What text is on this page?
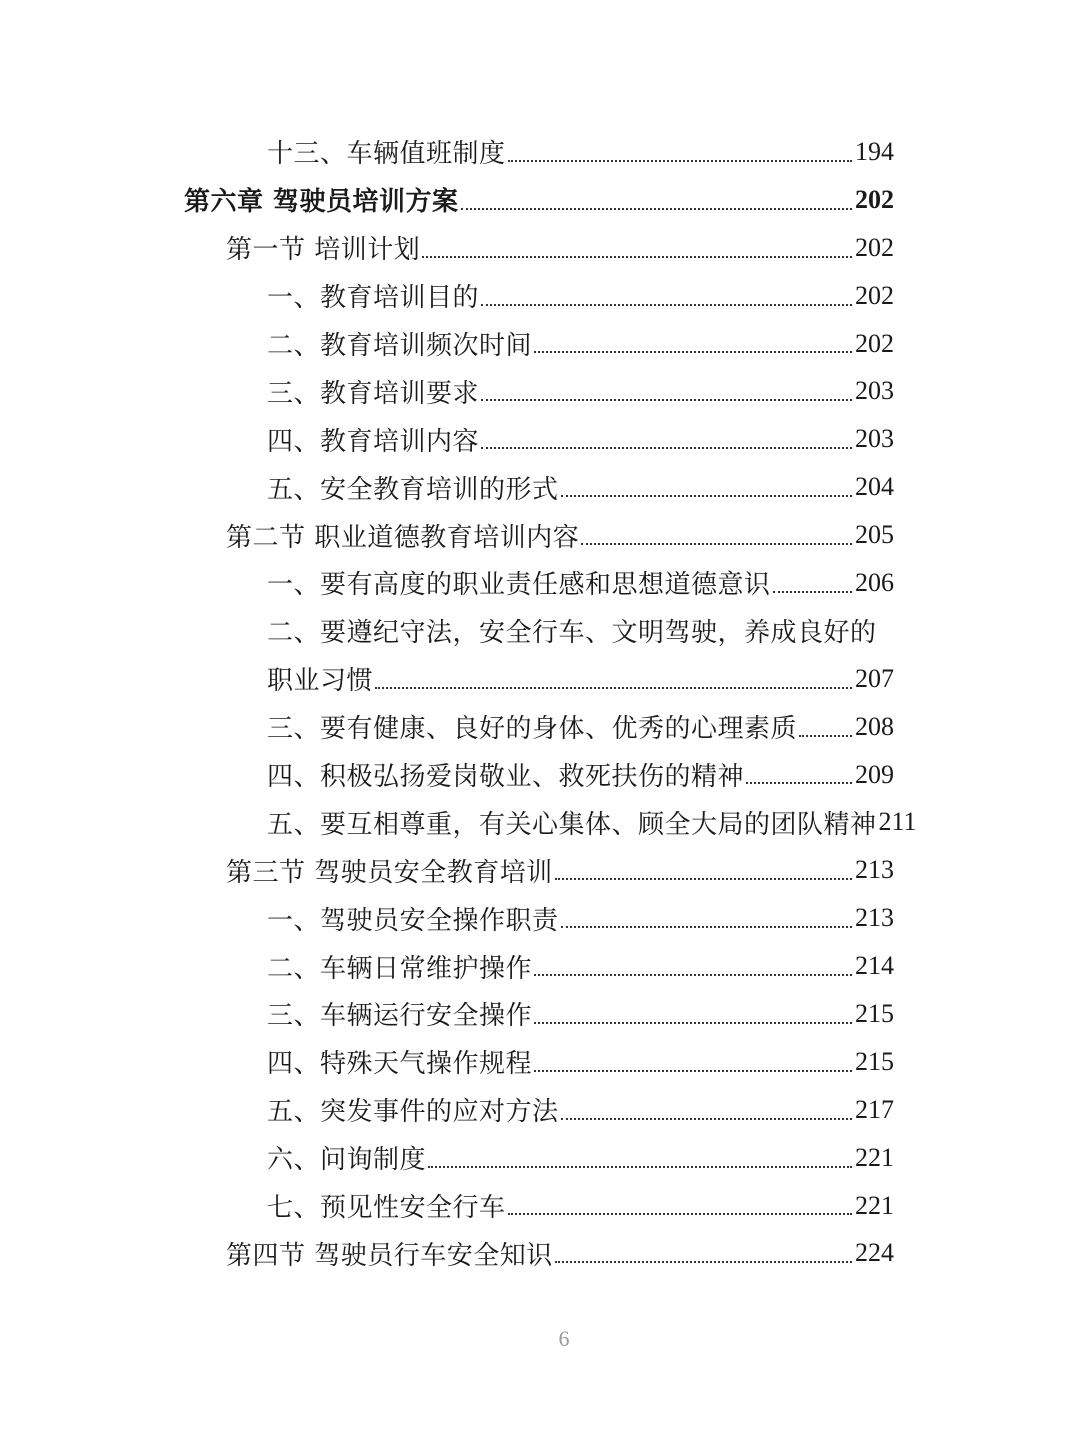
十三、车辆值班制度	194
第六章 驾驶员培训方案	202
第一节 培训计划	202
一、教育培训目的	202
二、教育培训频次时间	202
三、教育培训要求	203
四、教育培训内容	203
五、安全教育培训的形式	204
第二节 职业道德教育培训内容	205
一、要有高度的职业责任感和思想道德意识	206
二、要遵纪守法，安全行车、文明驾驶，养成良好的
职业习惯	207
三、要有健康、良好的身体、优秀的心理素质 208
四、积极弘扬爱岗敬业、救死扶伤的精神	209
五、要互相尊重，有关心集体、顾全大局的团队精神 211
第三节 驾驶员安全教育培训	213
一、驾驶员安全操作职责	213
二、车辆日常维护操作	214
三、车辆运行安全操作	215
四、特殊天气操作规程	215
五、突发事件的应对方法	217
六、问询制度	221
七、预见性安全行车	221
第四节 驾驶员行车安全知识	224
6
